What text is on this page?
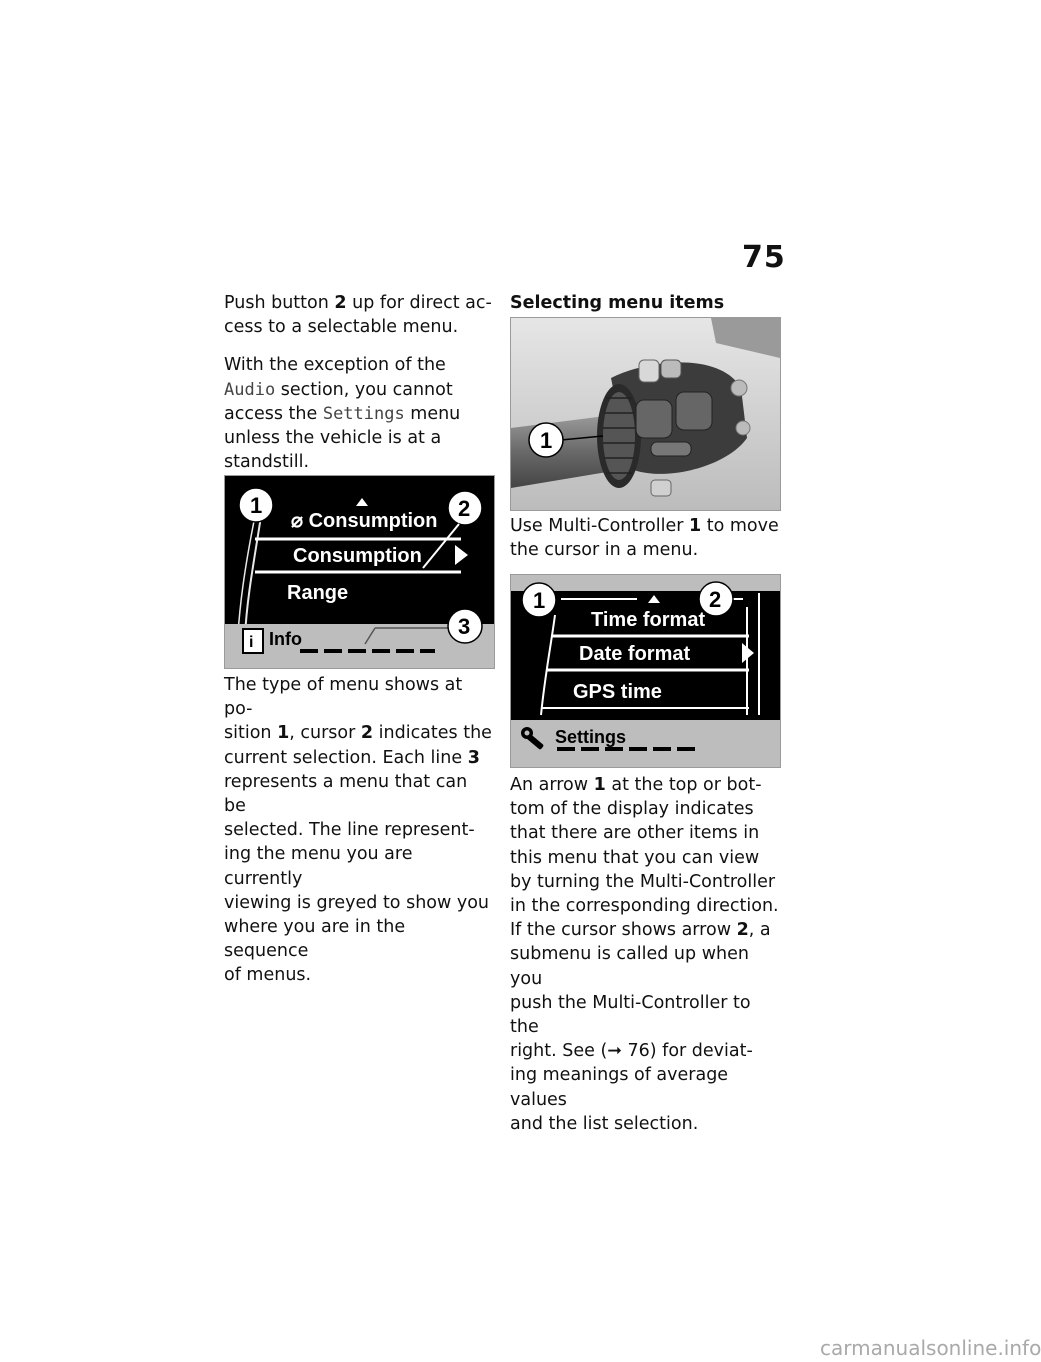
75

Push button 2 up for direct ac-
cess to a selectable menu.

With the exception of the
Audio section, you cannot
access the Settings menu
unless the vehicle is at a
standstill.

⌀ Consumption
Consumption
Range
i Info
1	2
3

The type of menu shows at po-
sition 1, cursor 2 indicates the
current selection. Each line 3
represents a menu that can be
selected. The line represent-
ing the menu you are currently
viewing is greyed to show you
where you are in the sequence
of menus.

Selecting menu items
1

Use Multi-Controller 1 to move
the cursor in a menu.

Time format
Date format
GPS time
Settings
1	2

An arrow 1 at the top or bot-
tom of the display indicates
that there are other items in
this menu that you can view
by turning the Multi-Controller
in the corresponding direction.
If the cursor shows arrow 2, a
submenu is called up when you
push the Multi-Controller to the
right. See (➞ 76) for deviat-
ing meanings of average values
and the list selection.

carmanualsonline.info
